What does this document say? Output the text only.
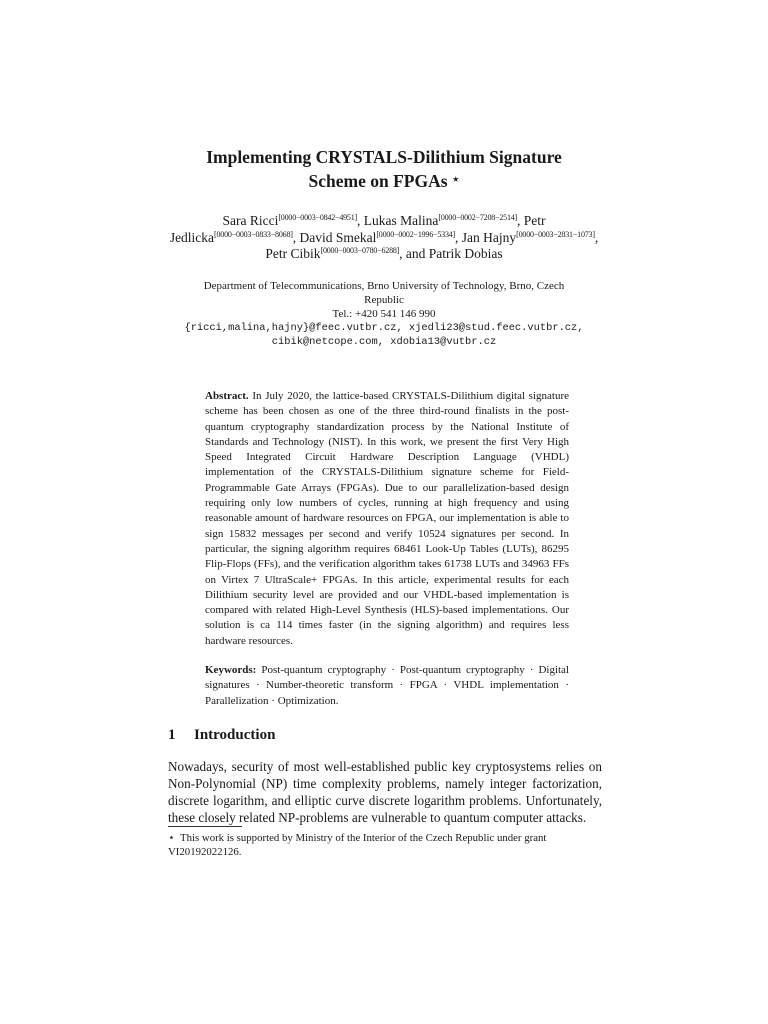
Implementing CRYSTALS-Dilithium Signature
Scheme on FPGAs ⋆
Sara Ricci[0000−0003−0842−4951], Lukas Malina[0000−0002−7208−2514], Petr Jedlicka[0000−0003−0833−8068], David Smekal[0000−0002−1996−5334], Jan Hajny[0000−0003−2831−1073], Petr Cibik[0000−0003−0780−6288], and Patrik Dobias
Department of Telecommunications, Brno University of Technology, Brno, Czech
Republic
Tel.: +420 541 146 990
{ricci,malina,hajny}@feec.vutbr.cz, xjedli23@stud.feec.vutbr.cz,
cibik@netcope.com, xdobia13@vutbr.cz

Abstract. In July 2020, the lattice-based CRYSTALS-Dilithium digital signature scheme has been chosen as one of the three third-round finalists in the post-quantum cryptography standardization process by the National Institute of Standards and Technology (NIST). In this work, we present the first Very High Speed Integrated Circuit Hardware Description Language (VHDL) implementation of the CRYSTALS-Dilithium signature scheme for Field-Programmable Gate Arrays (FPGAs). Due to our parallelization-based design requiring only low numbers of cycles, running at high frequency and using reasonable amount of hardware resources on FPGA, our implementation is able to sign 15832 messages per second and verify 10524 signatures per second. In particular, the signing algorithm requires 68461 Look-Up Tables (LUTs), 86295 Flip-Flops (FFs), and the verification algorithm takes 61738 LUTs and 34963 FFs on Virtex 7 UltraScale+ FPGAs. In this article, experimental results for each Dilithium security level are provided and our VHDL-based implementation is compared with related High-Level Synthesis (HLS)-based implementations. Our solution is ca 114 times faster (in the signing algorithm) and requires less hardware resources.

Keywords: Post-quantum cryptography · Post-quantum cryptography · Digital signatures · Number-theoretic transform · FPGA · VHDL implementation · Parallelization · Optimization.

1 Introduction

Nowadays, security of most well-established public key cryptosystems relies on Non-Polynomial (NP) time complexity problems, namely integer factorization, discrete logarithm, and elliptic curve discrete logarithm problems. Unfortunately, these closely related NP-problems are vulnerable to quantum computer attacks.

⋆ This work is supported by Ministry of the Interior of the Czech Republic under grant VI20192022126.
